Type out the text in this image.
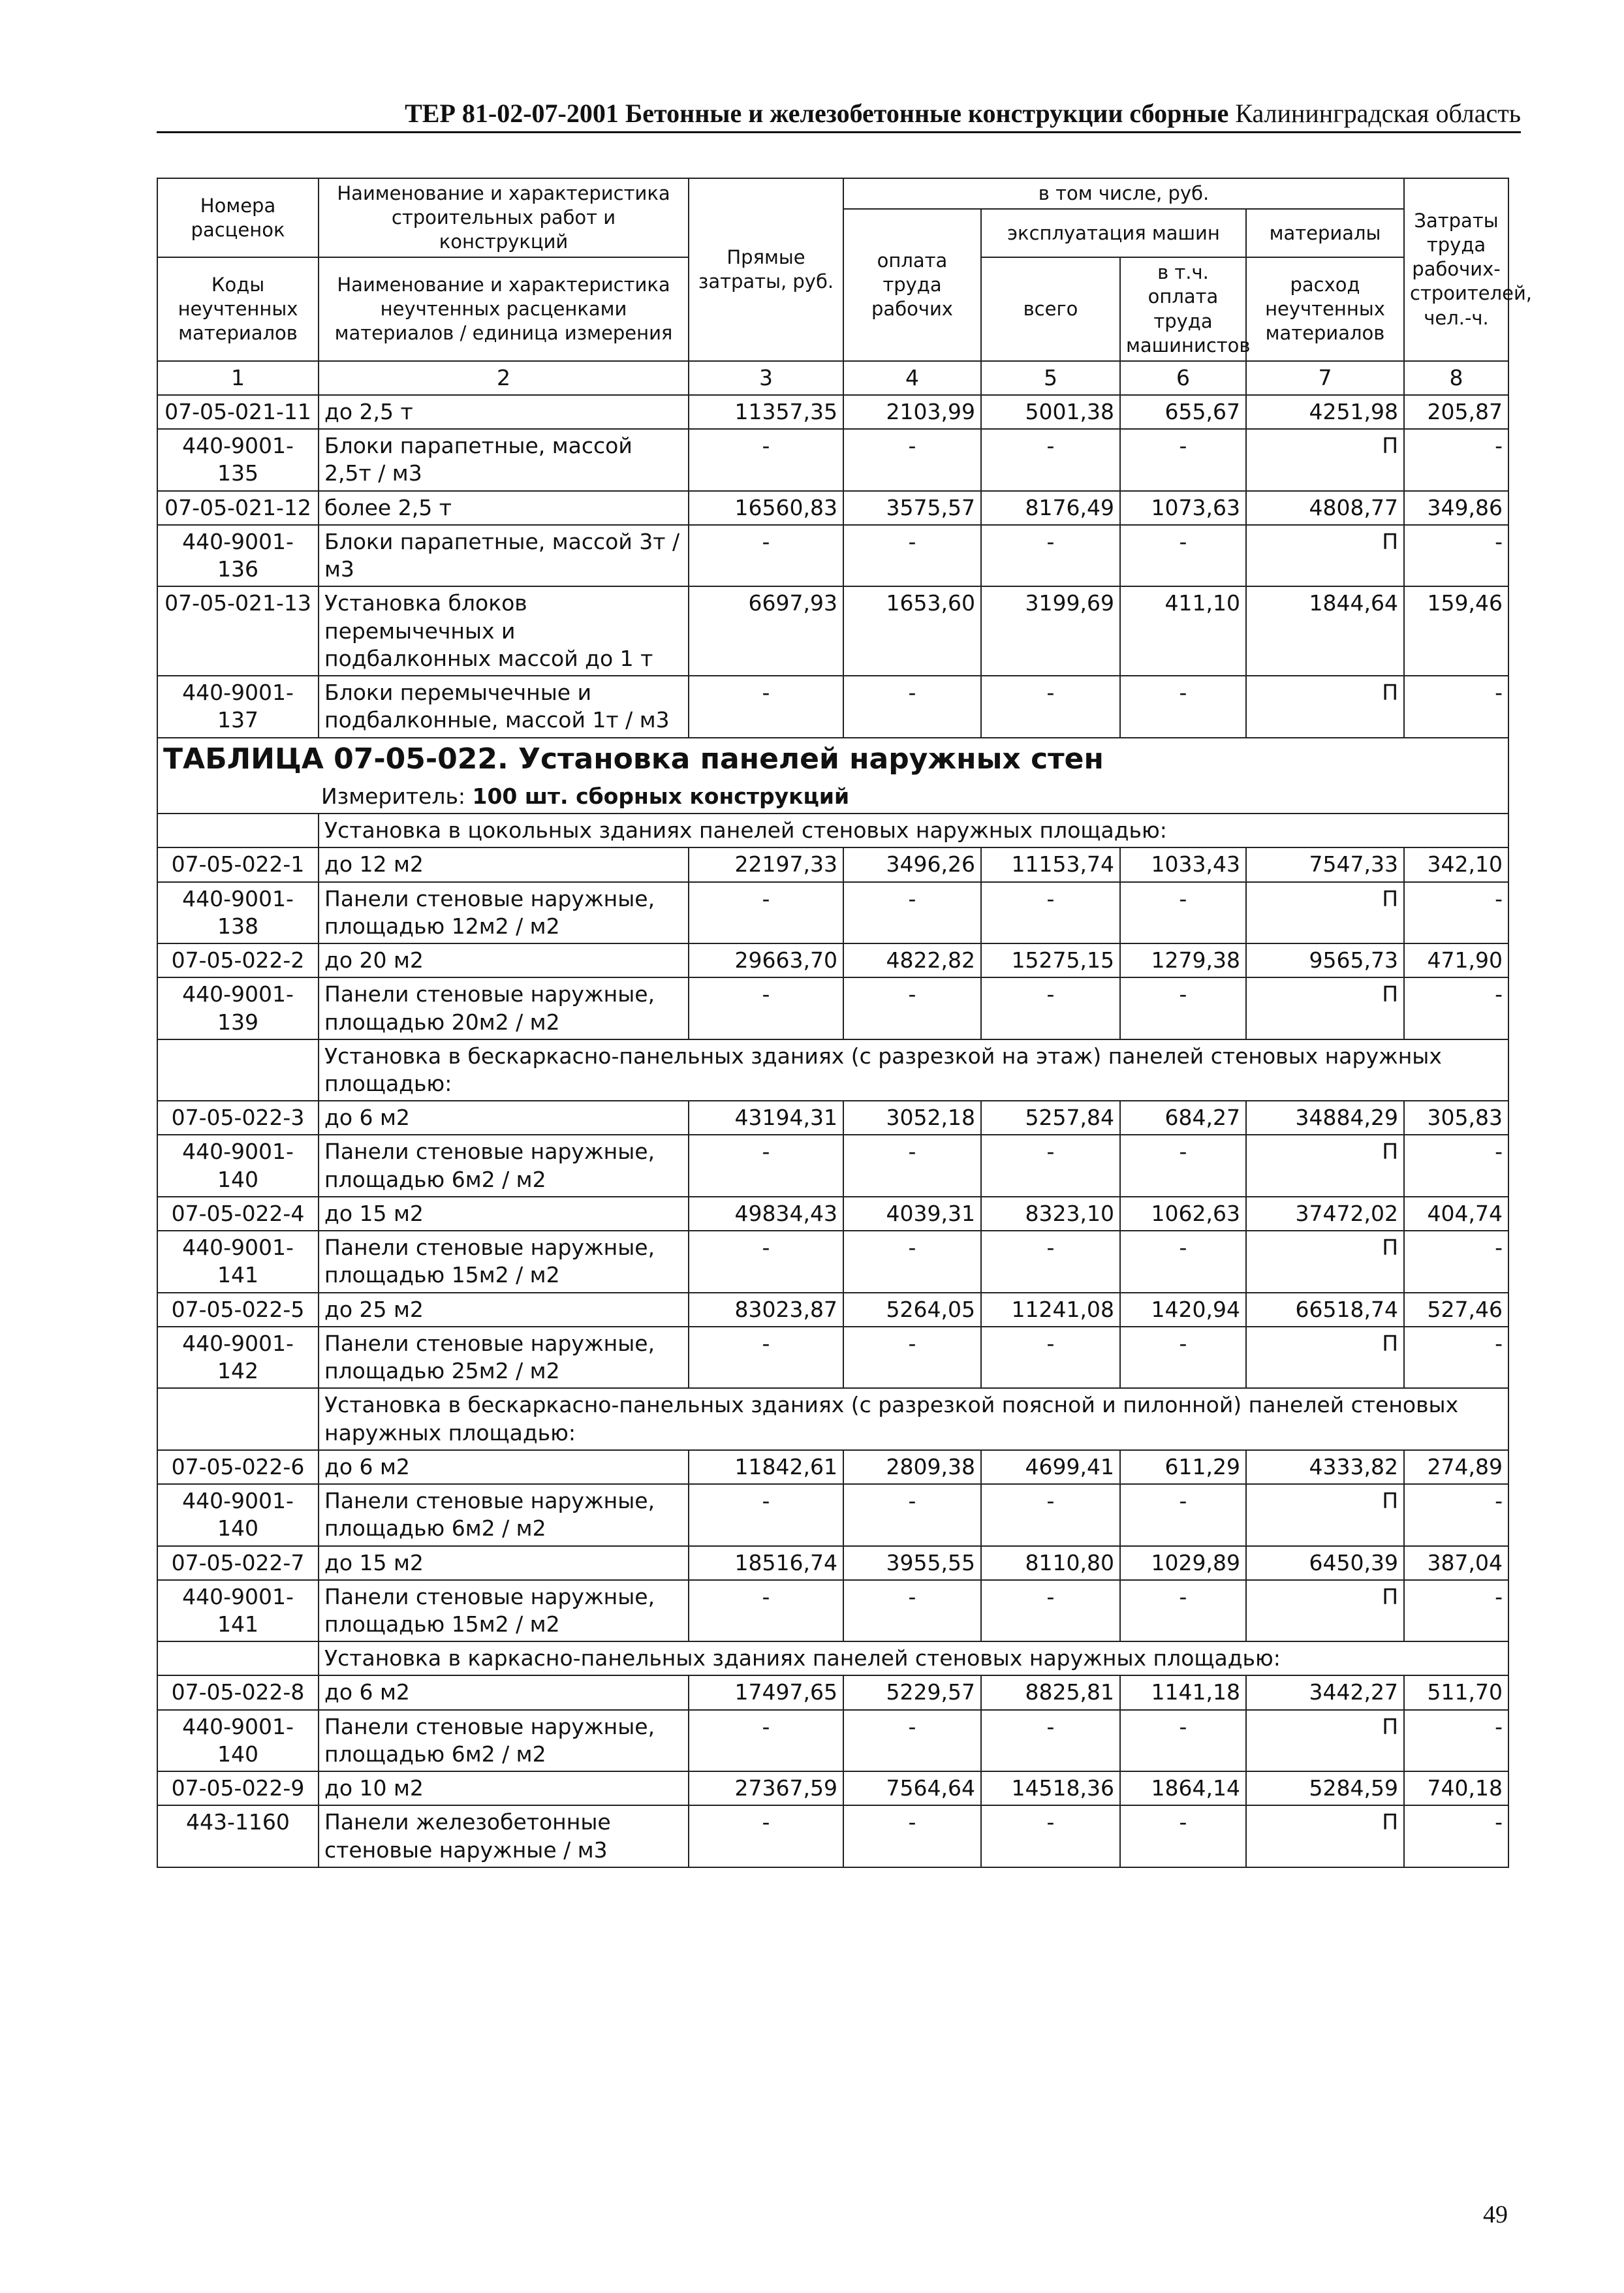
ТЕР 81-02-07-2001 Бетонные и железобетонные конструкции сборные Калининградская область
Номера расценок	Наименование и характеристика строительных работ и конструкций	Прямые затраты, руб.	в том числе, руб.				Затраты труда рабочих-строителей, чел.-ч.
			оплата труда рабочих	эксплуатация машин		материалы	
Коды неучтенных материалов	Наименование и характеристика неучтенных расценками материалов / единица измерения			всего	в т.ч. оплата труда машинистов	расход неучтенных материалов	

1	2	3	4	5	6	7	8
07-05-021-11	до 2,5 т	11357,35	2103,99	5001,38	655,67	4251,98	205,87
440-9001-135	Блоки парапетные, массой 2,5т / м3	-	-	-	-	П	-
07-05-021-12	более 2,5 т	16560,83	3575,57	8176,49	1073,63	4808,77	349,86
440-9001-136	Блоки парапетные, массой 3т / м3	-	-	-	-	П	-
07-05-021-13	Установка блоков перемычечных и подбалконных массой до 1 т	6697,93	1653,60	3199,69	411,10	1844,64	159,46
440-9001-137	Блоки перемычечные и подбалконные, массой 1т / м3	-	-	-	-	П	-

ТАБЛИЦА 07-05-022. Установка панелей наружных стен
Измеритель: 100 шт. сборных конструкций							

	Установка в цокольных зданиях панелей стеновых наружных площадью:						
07-05-022-1	до 12 м2	22197,33	3496,26	11153,74	1033,43	7547,33	342,10
440-9001-138	Панели стеновые наружные, площадью 12м2 / м2	-	-	-	-	П	-
07-05-022-2	до 20 м2	29663,70	4822,82	15275,15	1279,38	9565,73	471,90
440-9001-139	Панели стеновые наружные, площадью 20м2 / м2	-	-	-	-	П	-
	Установка в бескаркасно-панельных зданиях (с разрезкой на этаж) панелей стеновых наружных площадью:						
07-05-022-3	до 6 м2	43194,31	3052,18	5257,84	684,27	34884,29	305,83
440-9001-140	Панели стеновые наружные, площадью 6м2 / м2	-	-	-	-	П	-
07-05-022-4	до 15 м2	49834,43	4039,31	8323,10	1062,63	37472,02	404,74
440-9001-141	Панели стеновые наружные, площадью 15м2 / м2	-	-	-	-	П	-
07-05-022-5	до 25 м2	83023,87	5264,05	11241,08	1420,94	66518,74	527,46
440-9001-142	Панели стеновые наружные, площадью 25м2 / м2	-	-	-	-	П	-
	Установка в бескаркасно-панельных зданиях (с разрезкой поясной и пилонной) панелей стеновых наружных площадью:						
07-05-022-6	до 6 м2	11842,61	2809,38	4699,41	611,29	4333,82	274,89
440-9001-140	Панели стеновые наружные, площадью 6м2 / м2	-	-	-	-	П	-
07-05-022-7	до 15 м2	18516,74	3955,55	8110,80	1029,89	6450,39	387,04
440-9001-141	Панели стеновые наружные, площадью 15м2 / м2	-	-	-	-	П	-
	Установка в каркасно-панельных зданиях панелей стеновых наружных площадью:						
07-05-022-8	до 6 м2	17497,65	5229,57	8825,81	1141,18	3442,27	511,70
440-9001-140	Панели стеновые наружные, площадью 6м2 / м2	-	-	-	-	П	-
07-05-022-9	до 10 м2	27367,59	7564,64	14518,36	1864,14	5284,59	740,18
443-1160	Панели железобетонные стеновые наружные / м3	-	-	-	-	П	-
49
